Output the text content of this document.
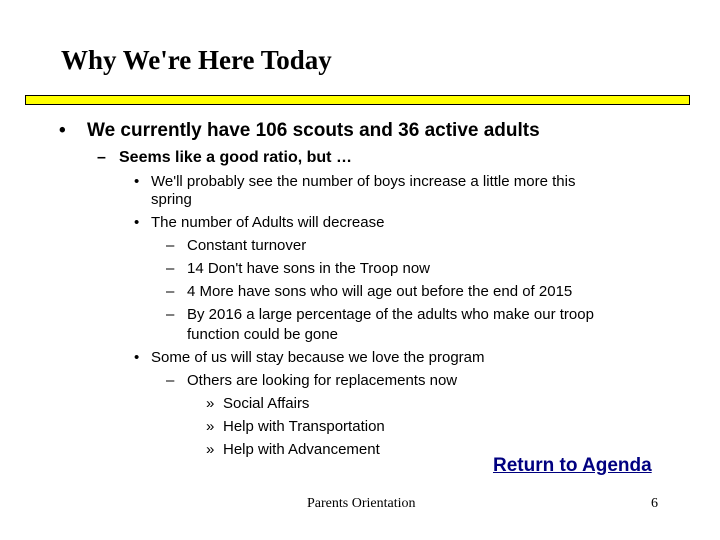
Why We're Here Today
• We currently have 106 scouts and 36 active adults
– Seems like a good ratio, but …
• We'll probably see the number of boys increase a little more this
spring
• The number of Adults will decrease
– Constant turnover
– 14 Don't have sons in the Troop now
– 4 More have sons who will age out before the end of 2015
– By 2016 a large percentage of the adults who make our troop
function could be gone
• Some of us will stay because we love the program
– Others are looking for replacements now
» Social Affairs
» Help with Transportation
» Help with Advancement
Return to Agenda
Parents Orientation	6
